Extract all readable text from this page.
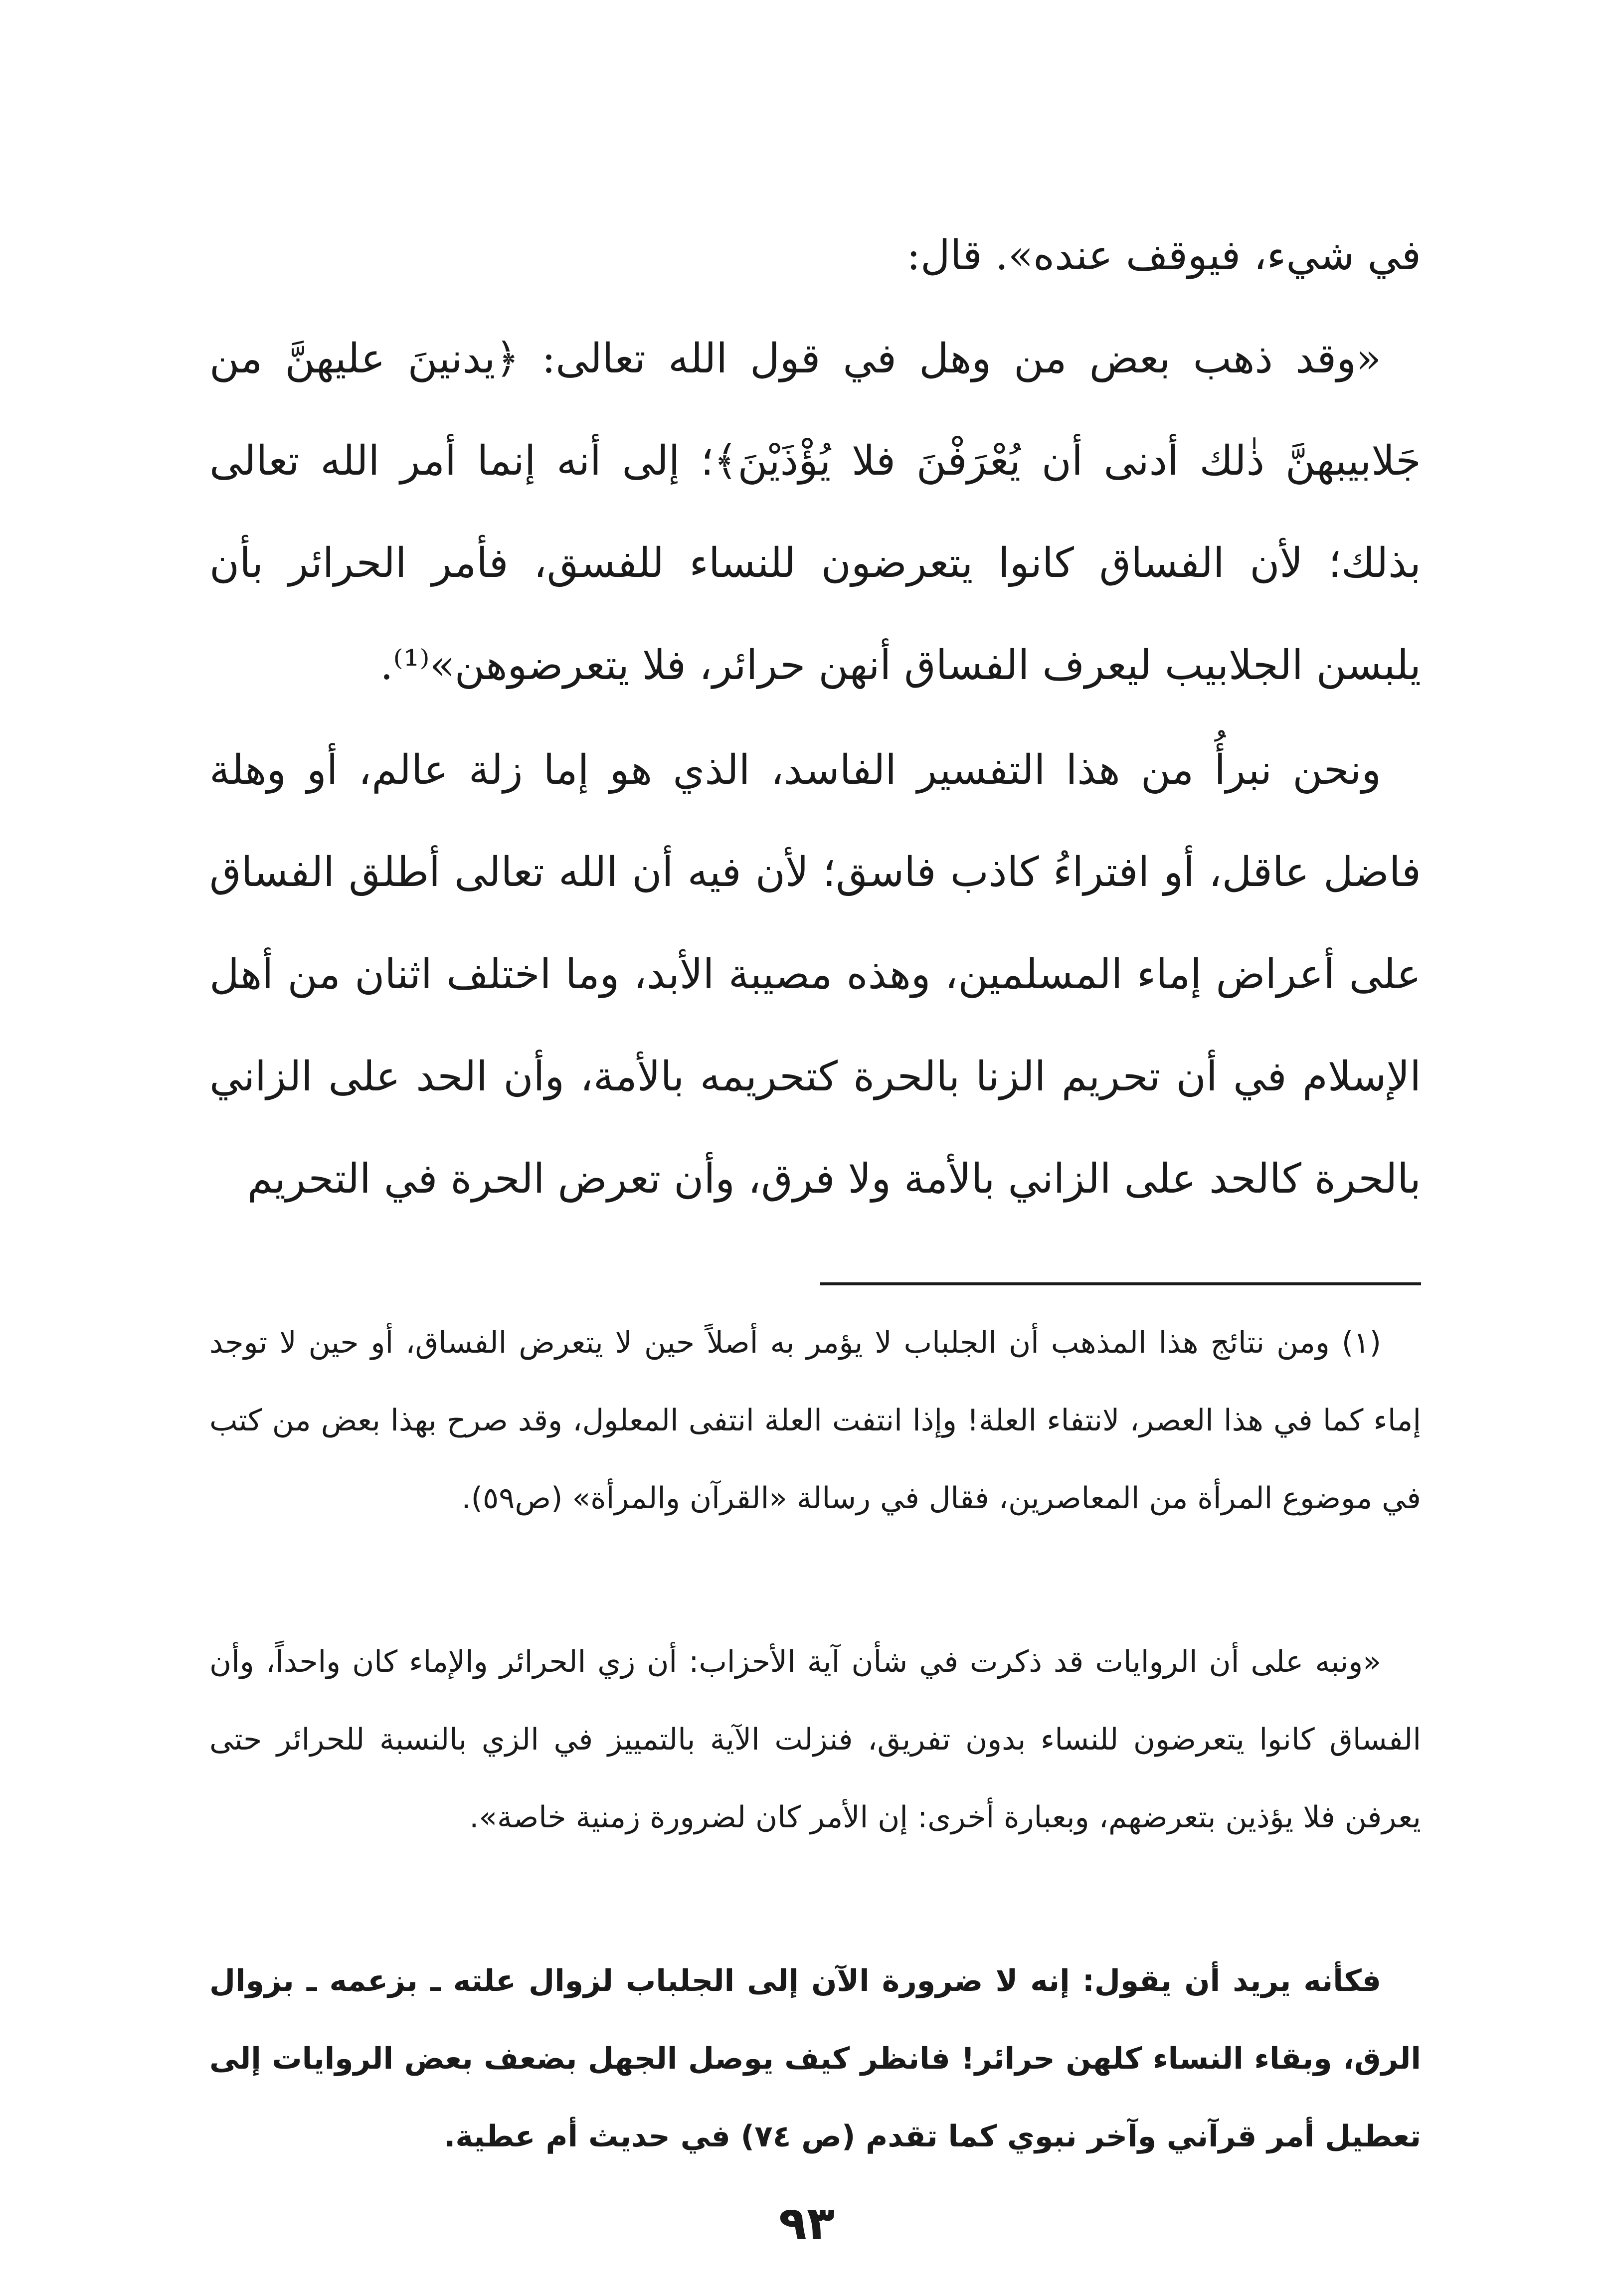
في شيء، فيوقف عنده». قال:

«وقد ذهب بعض من وهل في قول الله تعالى: ﴿يدنينَ عليهنَّ من جَلابيبهنَّ ذٰلك أدنى أن يُعْرَفْنَ فلا يُؤْذَيْنَ﴾؛ إلى أنه إنما أمر الله تعالى بذلك؛ لأن الفساق كانوا يتعرضون للنساء للفسق، فأمر الحرائر بأن يلبسن الجلابيب ليعرف الفساق أنهن حرائر، فلا يتعرضوهن»⁽¹⁾.

ونحن نبرأُ من هذا التفسير الفاسد، الذي هو إما زلة عالم، أو وهلة فاضل عاقل، أو افتراءُ كاذب فاسق؛ لأن فيه أن الله تعالى أطلق الفساق على أعراض إماء المسلمين، وهذه مصيبة الأبد، وما اختلف اثنان من أهل الإسلام في أن تحريم الزنا بالحرة كتحريمه بالأمة، وأن الحد على الزاني بالحرة كالحد على الزاني بالأمة ولا فرق، وأن تعرض الحرة في التحريم

(١) ومن نتائج هذا المذهب أن الجلباب لا يؤمر به أصلاً حين لا يتعرض الفساق، أو حين لا توجد إماء كما في هذا العصر، لانتفاء العلة! وإذا انتفت العلة انتفى المعلول، وقد صرح بهذا بعض من كتب في موضوع المرأة من المعاصرين، فقال في رسالة «القرآن والمرأة» (ص٥٩).

«ونبه على أن الروايات قد ذكرت في شأن آية الأحزاب: أن زي الحرائر والإماء كان واحداً، وأن الفساق كانوا يتعرضون للنساء بدون تفريق، فنزلت الآية بالتمييز في الزي بالنسبة للحرائر حتى يعرفن فلا يؤذين بتعرضهم، وبعبارة أخرى: إن الأمر كان لضرورة زمنية خاصة».

فكأنه يريد أن يقول: إنه لا ضرورة الآن إلى الجلباب لزوال علته ـ بزعمه ـ بزوال الرق، وبقاء النساء كلهن حرائر! فانظر كيف يوصل الجهل بضعف بعض الروايات إلى تعطيل أمر قرآني وآخر نبوي كما تقدم (ص ٧٤) في حديث أم عطية.

٩٣
